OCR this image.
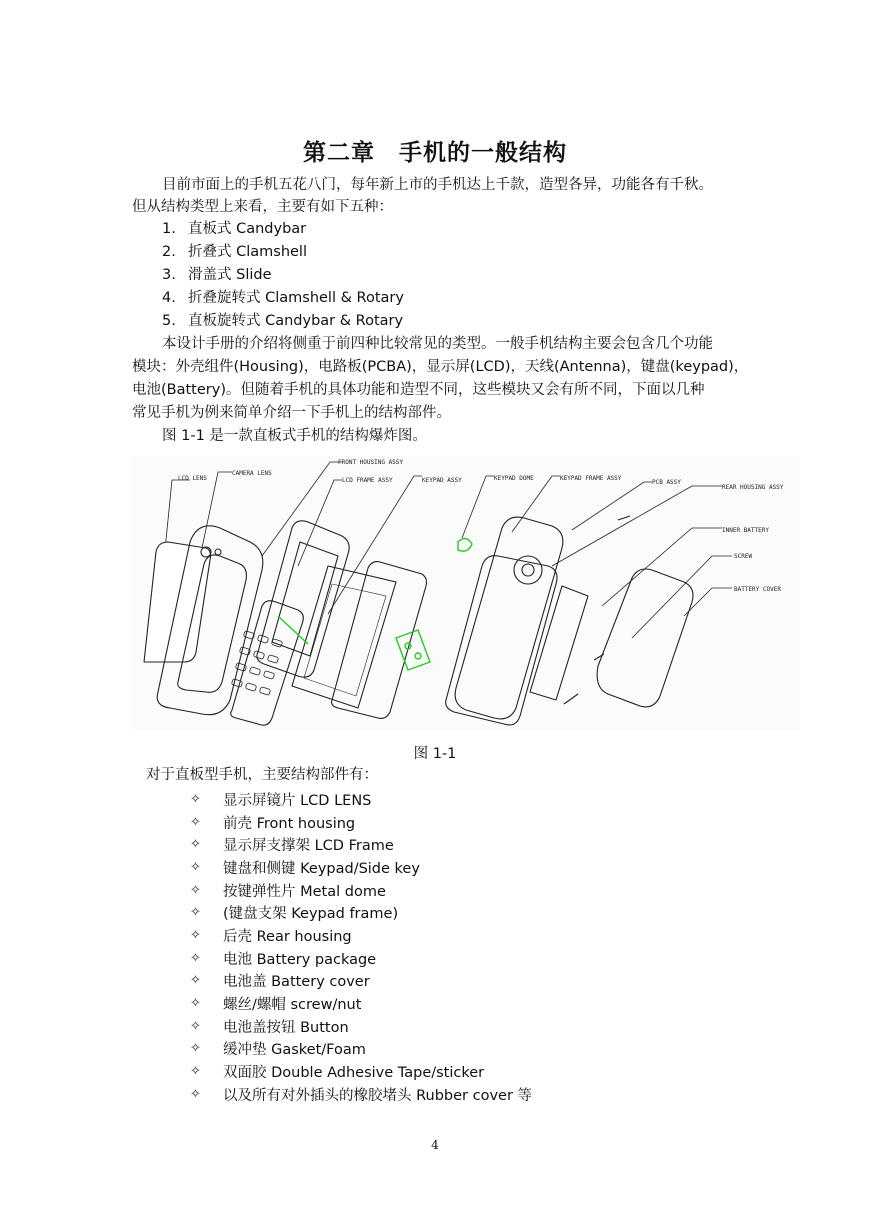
第二章　手机的一般结构
目前市面上的手机五花八门，每年新上市的手机达上千款，造型各异，功能各有千秋。
但从结构类型上来看，主要有如下五种：
1. 直板式 Candybar
2. 折叠式 Clamshell
3. 滑盖式 Slide
4. 折叠旋转式 Clamshell & Rotary
5. 直板旋转式 Candybar & Rotary
本设计手册的介绍将侧重于前四种比较常见的类型。一般手机结构主要会包含几个功能
模块：外壳组件(Housing)，电路板(PCBA)，显示屏(LCD)，天线(Antenna)，键盘(keypad)，
电池(Battery)。但随着手机的具体功能和造型不同，这些模块又会有所不同，下面以几种
常见手机为例来简单介绍一下手机上的结构部件。
图 1-1 是一款直板式手机的结构爆炸图。
LCD LENS
CAMERA LENS
FRONT HOUSING ASSY
LCD FRAME ASSY	KEYPAD ASSY	KEYPAD DOME	KEYPAD FRAME ASSY
PCB ASSY
REAR HOUSING ASSY
INNER BATTERY
SCREW
BATTERY COVER
图 1-1
对于直板型手机，主要结构部件有：
✧	显示屏镜片 LCD LENS
✧	前壳 Front housing
✧	显示屏支撑架 LCD Frame
✧	键盘和侧键 Keypad/Side key
✧	按键弹性片 Metal dome
✧	(键盘支架 Keypad frame)
✧	后壳 Rear housing
✧	电池 Battery package
✧	电池盖 Battery cover
✧	螺丝/螺帽 screw/nut
✧	电池盖按钮 Button
✧	缓冲垫 Gasket/Foam
✧	双面胶 Double Adhesive Tape/sticker
✧	以及所有对外插头的橡胶堵头 Rubber cover 等
4
